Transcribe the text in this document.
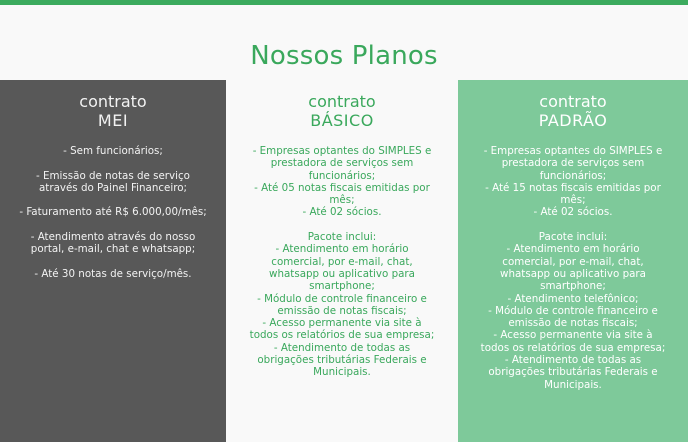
Nossos Planos
contrato
MEI
- Sem funcionários;
- Emissão de notas de serviço
através do Painel Financeiro;
- Faturamento até R$ 6.000,00/mês;
- Atendimento através do nosso
portal, e-mail, chat e whatsapp;
- Até 30 notas de serviço/mês.
contrato
BÁSICO
- Empresas optantes do SIMPLES e
prestadora de serviços sem
funcionários;
- Até 05 notas fiscais emitidas por
mês;
- Até 02 sócios.
Pacote inclui:
- Atendimento em horário
comercial, por e-mail, chat,
whatsapp ou aplicativo para
smartphone;
- Módulo de controle financeiro e
emissão de notas fiscais;
- Acesso permanente via site à
todos os relatórios de sua empresa;
- Atendimento de todas as
obrigações tributárias Federais e
Municipais.
contrato
PADRÃO
- Empresas optantes do SIMPLES e
prestadora de serviços sem
funcionários;
- Até 15 notas fiscais emitidas por
mês;
- Até 02 sócios.
Pacote inclui:
- Atendimento em horário
comercial, por e-mail, chat,
whatsapp ou aplicativo para
smartphone;
- Atendimento telefônico;
- Módulo de controle financeiro e
emissão de notas fiscais;
- Acesso permanente via site à
todos os relatórios de sua empresa;
- Atendimento de todas as
obrigações tributárias Federais e
Municipais.
